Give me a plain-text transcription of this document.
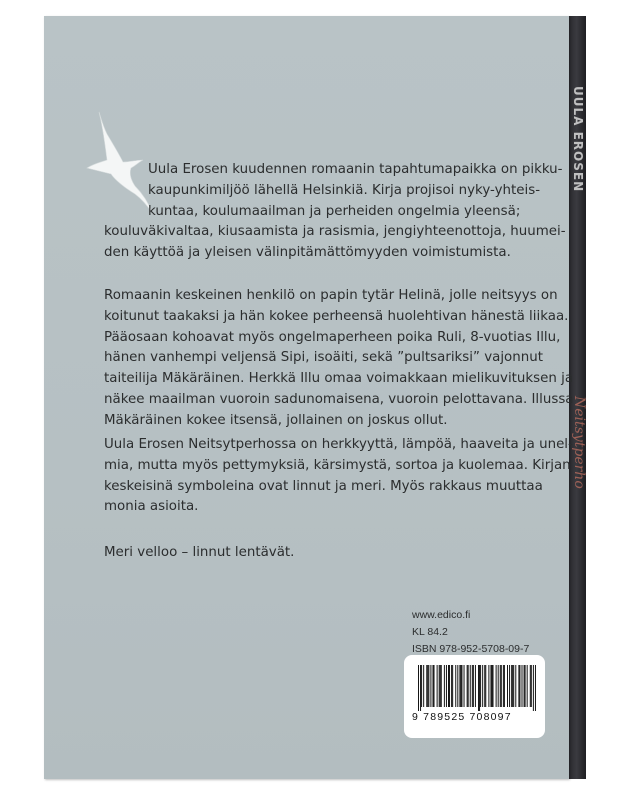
UULA EROSEN
Neitsytperho
Uula Erosen kuudennen romaanin tapahtumapaikka on pikku-
kaupunkimiljöö lähellä Helsinkiä. Kirja projisoi nyky-yhteis-
kuntaa, koulumaailman ja perheiden ongelmia yleensä;
kouluväkivaltaa, kiusaamista ja rasismia, jengiyhteenottoja, huumei-
den käyttöä ja yleisen välinpitämättömyyden voimistumista.
Romaanin keskeinen henkilö on papin tytär Helinä, jolle neitsyys on
koitunut taakaksi ja hän kokee perheensä huolehtivan hänestä liikaa.
Pääosaan kohoavat myös ongelmaperheen poika Ruli, 8-vuotias Illu,
hänen vanhempi veljensä Sipi, isoäiti, sekä ”pultsariksi” vajonnut
taiteilija Mäkäräinen. Herkkä Illu omaa voimakkaan mielikuvituksen ja
näkee maailman vuoroin sadunomaisena, vuoroin pelottavana. Illussa
Mäkäräinen kokee itsensä, jollainen on joskus ollut.
Uula Erosen Neitsytperhossa on herkkyyttä, lämpöä, haaveita ja unel-
mia, mutta myös pettymyksiä, kärsimystä, sortoa ja kuolemaa. Kirjan
keskeisinä symboleina ovat linnut ja meri. Myös rakkaus muuttaa
monia asioita.
Meri velloo – linnut lentävät.
www.edico.fi
KL 84.2
ISBN 978-952-5708-09-7
9 789525 708097
